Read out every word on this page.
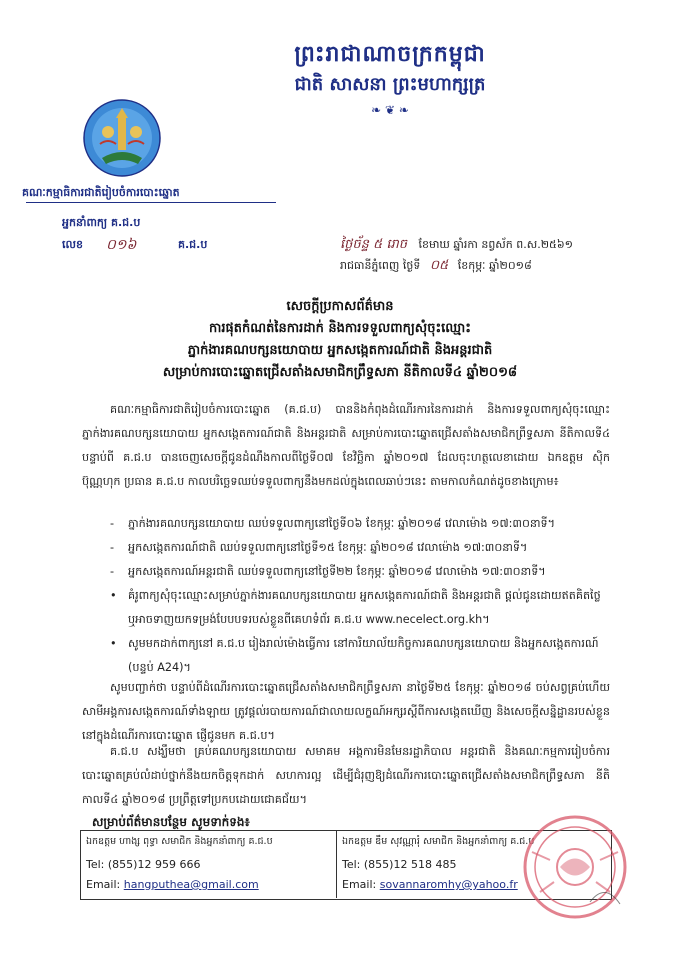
ព្រះរាជាណាចក្រកម្ពុជា
ជាតិ សាសនា ព្រះមហាក្សត្រ
❧ ❦ ❧
គណៈកម្មាធិការជាតិរៀបចំការបោះឆ្នោត
អ្នកនាំពាក្យ គ.ជ.ប
លេខ ០១៦	គ.ជ.ប	ថ្ងៃច័ន្ទ ៥ រោច ខែមាឃ ឆ្នាំរកា នព្វស័ក ព.ស.២៥៦១
រាជធានីភ្នំពេញ ថ្ងៃទី ០៥ ខែកុម្ភៈ ឆ្នាំ២០១៨
សេចក្តីប្រកាសព័ត៌មាន
ការផុតកំណត់នៃការដាក់ និងការទទួលពាក្យសុំចុះឈ្មោះ
ភ្នាក់ងារគណបក្សនយោបាយ អ្នកសង្កេតការណ៍ជាតិ និងអន្តរជាតិ
សម្រាប់ការបោះឆ្នោតជ្រើសតាំងសមាជិកព្រឹទ្ធសភា នីតិកាលទី៤ ឆ្នាំ២០១៨
គណៈកម្មាធិការជាតិរៀបចំការបោះឆ្នោត (គ.ជ.ប) បាននិងកំពុងដំណើរការនៃការដាក់ និងការទទួលពាក្យសុំចុះឈ្មោះភ្នាក់ងារគណបក្សនយោបាយ អ្នកសង្កេតការណ៍ជាតិ និងអន្តរជាតិ សម្រាប់ការបោះឆ្នោតជ្រើសតាំងសមាជិកព្រឹទ្ធសភា នីតិកាលទី៤ បន្ទាប់ពី គ.ជ.ប បានចេញសេចក្តីជូនដំណឹងកាលពីថ្ងៃទី០៧ ខែវិច្ឆិកា ឆ្នាំ២០១៧ ដែលចុះហត្ថលេខាដោយ ឯកឧត្តម ស៊ិក ប៊ុណ្ណហុក ប្រធាន គ.ជ.ប កាលបរិច្ឆេទឈប់ទទួលពាក្យនឹងមកដល់ក្នុងពេលឆាប់ៗនេះ តាមកាលកំណត់ដូចខាងក្រោម៖
- ភ្នាក់ងារគណបក្សនយោបាយ ឈប់ទទួលពាក្យនៅថ្ងៃទី០៦ ខែកុម្ភៈ ឆ្នាំ២០១៨ វេលាម៉ោង ១៧:៣០នាទី។
- អ្នកសង្កេតការណ៍ជាតិ ឈប់ទទួលពាក្យនៅថ្ងៃទី១៥ ខែកុម្ភៈ ឆ្នាំ២០១៨ វេលាម៉ោង ១៧:៣០នាទី។
- អ្នកសង្កេតការណ៍អន្តរជាតិ ឈប់ទទួលពាក្យនៅថ្ងៃទី២២ ខែកុម្ភៈ ឆ្នាំ២០១៨ វេលាម៉ោង ១៧:៣០នាទី។
• គំរូពាក្យសុំចុះឈ្មោះសម្រាប់ភ្នាក់ងារគណបក្សនយោបាយ អ្នកសង្កេតការណ៍ជាតិ និងអន្តរជាតិ ផ្តល់ជូនដោយឥតគិតថ្លៃ ឬអាចទាញយកទម្រង់បែបបទរបស់ខ្លួនពីគេហទំព័រ គ.ជ.ប www.necelect.org.kh។
• សូមមកដាក់ពាក្យនៅ គ.ជ.ប រៀងរាល់ម៉ោងធ្វើការ នៅការិយាល័យកិច្ចការគណបក្សនយោបាយ និងអ្នកសង្កេតការណ៍ (បន្ទប់ A24)។
សូមបញ្ជាក់ថា បន្ទាប់ពីដំណើរការបោះឆ្នោតជ្រើសតាំងសមាជិកព្រឹទ្ធសភា នាថ្ងៃទី២៥ ខែកុម្ភៈ ឆ្នាំ២០១៨ ចប់សព្វគ្រប់ហើយ សាមីអង្គការសង្កេតការណ៍ទាំងឡាយ ត្រូវផ្តល់របាយការណ៍ជាលាយលក្ខណ៍អក្សរស្តីពីការសង្កេតឃើញ និងសេចក្តីសន្និដ្ឋានរបស់ខ្លួន នៅក្នុងដំណើរការបោះឆ្នោត ផ្ញើជូនមក គ.ជ.ប។
គ.ជ.ប សង្ឃឹមថា គ្រប់គណបក្សនយោបាយ សមាគម អង្គការមិនមែនរដ្ឋាភិបាល អន្តរជាតិ និងគណៈកម្មការរៀបចំការបោះឆ្នោតគ្រប់លំដាប់ថ្នាក់នឹងយកចិត្តទុកដាក់ សហការល្អ ដើម្បីជំរុញឱ្យដំណើរការបោះឆ្នោតជ្រើសតាំងសមាជិកព្រឹទ្ធសភា នីតិកាលទី៤ ឆ្នាំ២០១៨ ប្រព្រឹត្តទៅប្រកបដោយជោគជ័យ។
សម្រាប់ព័ត៌មានបន្ថែម សូមទាក់ទង៖
ឯកឧត្តម ហាង្ស ពុទ្ធា សមាជិក និងអ្នកនាំពាក្យ គ.ជ.ប
Tel: (855)12 959 666
Email: hangputhea@gmail.com
ឯកឧត្តម ឌឹម សុវណ្ណារុំ សមាជិក និងអ្នកនាំពាក្យ គ.ជ.ប
Tel: (855)12 518 485
Email: sovannaromhy@yahoo.fr
